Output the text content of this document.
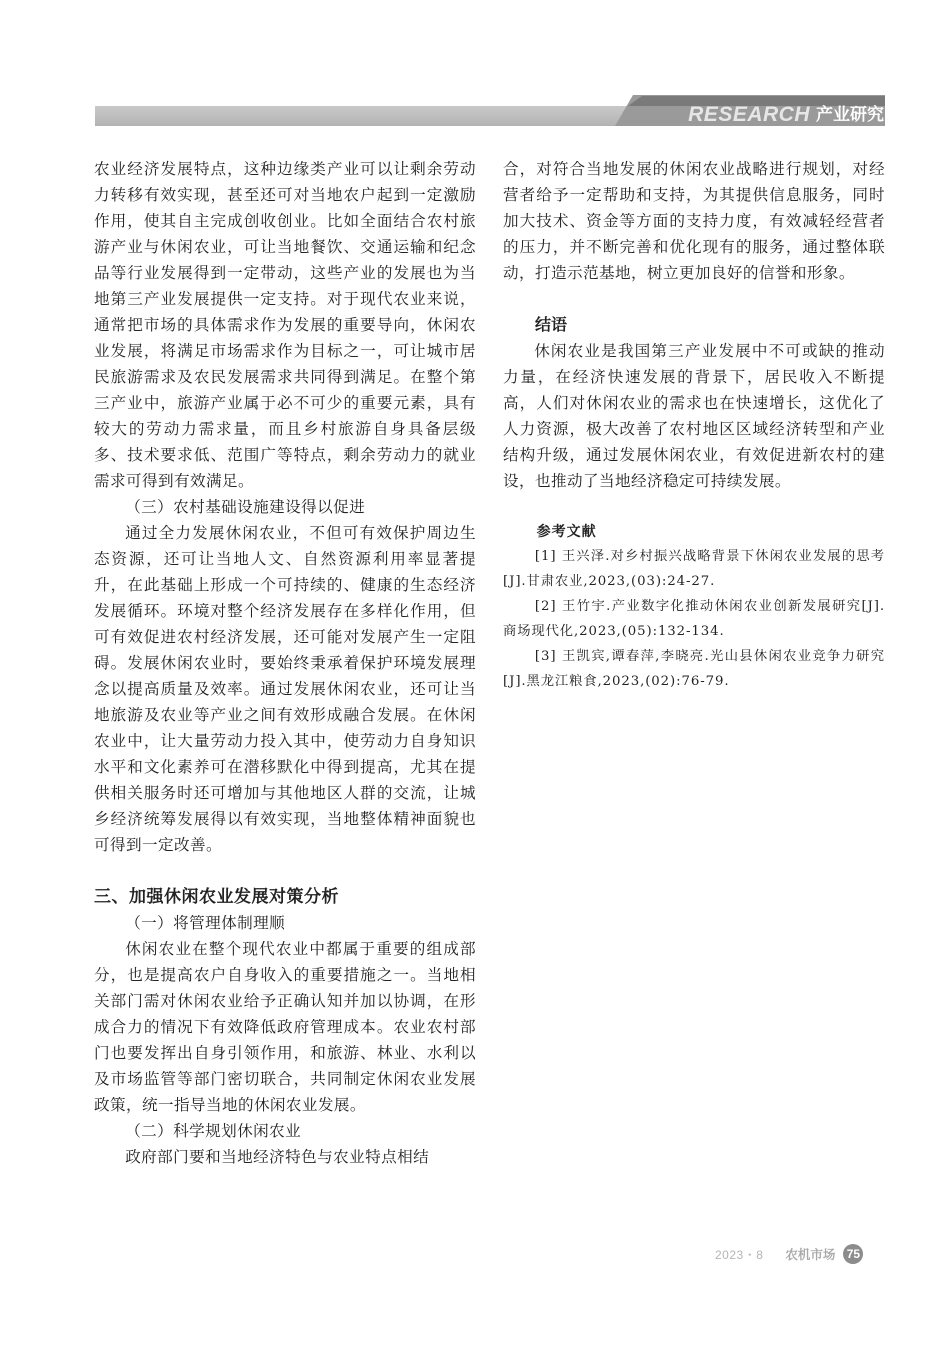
RESEARCH 产业研究

农业经济发展特点，这种边缘类产业可以让剩余劳动力转移有效实现，甚至还可对当地农户起到一定激励作用，使其自主完成创收创业。比如全面结合农村旅游产业与休闲农业，可让当地餐饮、交通运输和纪念品等行业发展得到一定带动，这些产业的发展也为当地第三产业发展提供一定支持。对于现代农业来说，通常把市场的具体需求作为发展的重要导向，休闲农业发展，将满足市场需求作为目标之一，可让城市居民旅游需求及农民发展需求共同得到满足。在整个第三产业中，旅游产业属于必不可少的重要元素，具有较大的劳动力需求量，而且乡村旅游自身具备层级多、技术要求低、范围广等特点，剩余劳动力的就业需求可得到有效满足。

（三）农村基础设施建设得以促进

通过全力发展休闲农业，不但可有效保护周边生态资源，还可让当地人文、自然资源利用率显著提升，在此基础上形成一个可持续的、健康的生态经济发展循环。环境对整个经济发展存在多样化作用，但可有效促进农村经济发展，还可能对发展产生一定阻碍。发展休闲农业时，要始终秉承着保护环境发展理念以提高质量及效率。通过发展休闲农业，还可让当地旅游及农业等产业之间有效形成融合发展。在休闲农业中，让大量劳动力投入其中，使劳动力自身知识水平和文化素养可在潜移默化中得到提高，尤其在提供相关服务时还可增加与其他地区人群的交流，让城乡经济统筹发展得以有效实现，当地整体精神面貌也可得到一定改善。

三、加强休闲农业发展对策分析
（一）将管理体制理顺

休闲农业在整个现代农业中都属于重要的组成部分，也是提高农户自身收入的重要措施之一。当地相关部门需对休闲农业给予正确认知并加以协调，在形成合力的情况下有效降低政府管理成本。农业农村部门也要发挥出自身引领作用，和旅游、林业、水利以及市场监管等部门密切联合，共同制定休闲农业发展政策，统一指导当地的休闲农业发展。

（二）科学规划休闲农业

政府部门要和当地经济特色与农业特点相结

合，对符合当地发展的休闲农业战略进行规划，对经营者给予一定帮助和支持，为其提供信息服务，同时加大技术、资金等方面的支持力度，有效减轻经营者的压力，并不断完善和优化现有的服务，通过整体联动，打造示范基地，树立更加良好的信誉和形象。

结语

休闲农业是我国第三产业发展中不可或缺的推动力量，在经济快速发展的背景下，居民收入不断提高，人们对休闲农业的需求也在快速增长，这优化了人力资源，极大改善了农村地区区域经济转型和产业结构升级，通过发展休闲农业，有效促进新农村的建设，也推动了当地经济稳定可持续发展。

参考文献
[1] 王兴泽.对乡村振兴战略背景下休闲农业发展的思考[J].甘肃农业,2023,(03):24-27.
[2] 王竹宇.产业数字化推动休闲农业创新发展研究[J].商场现代化,2023,(05):132-134.
[3] 王凯宾,谭春萍,李晓亮.光山县休闲农业竞争力研究[J].黑龙江粮食,2023,(02):76-79.
2023・8 农机市场 75
